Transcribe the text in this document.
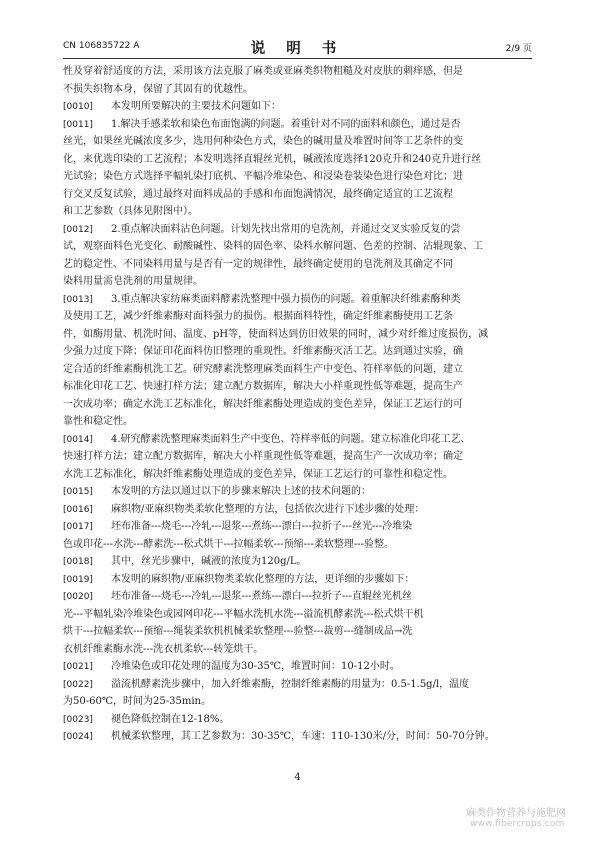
CN 106835722 A	说 明 书	2/9 页
性及穿着舒适度的方法，采用该方法克服了麻类或亚麻类织物粗糙及对皮肤的刺痒感，但是
不损失织物本身，保留了其固有的优越性。
[0010] 本发明所要解决的主要技术问题如下：
[0011] 1.解决手感柔软和染色布面饱满的问题。着重针对不同的面料和颜色，通过是否
丝光，如果丝光碱浓度多少，选用何种染色方式，染色的碱用量及堆置时间等工艺条件的变
化，来优选印染的工艺流程；本发明选择直辊丝光机，碱液浓度选择120克升和240克升进行丝
光试验；染色方式选择平幅轧染打底机、平幅冷堆染色、和浸染卷装染色进行染色对比；进
行交叉反复试验，通过最终对面料成品的手感和布面饱满情况，最终确定适宜的工艺流程
和工艺参数（具体见附图中）。
[0012] 2.重点解决面料沾色问题。计划先找出常用的皂洗剂，并通过交叉实验反复的尝
试，观察面料色光变化、耐酸碱性、染料的固色率、染料水解问题、色差的控制、沾辊现象、工
艺的稳定性、不同染料用量与是否有一定的规律性，最终确定使用的皂洗剂及其确定不同
染料用量需皂洗剂的用量规律。
[0013] 3.重点解决家纺麻类面料酵素洗整理中强力损伤的问题。着重解决纤维素酶种类
及使用工艺，减少纤维素酶对面料强力的损伤。根据面料特性，确定纤维素酶使用工艺条
件，如酶用量、机洗时间、温度、pH等，使面料达到仿旧效果的同时，减少对纤维过度损伤，减
少强力过度下降；保证印花面料仿旧整理的重现性。纤维素酶灭活工艺。达到通过实验，确
定合适的纤维素酶机洗工艺。研究酵素洗整理麻类面料生产中变色、符样率低的问题，建立
标准化印花工艺、快速打样方法；建立配方数据库，解决大小样重现性低等难题，提高生产
一次成功率；确定水洗工艺标准化，解决纤维素酶处理造成的变色差异，保证工艺运行的可
靠性和稳定性。
[0014] 4.研究酵素洗整理麻类面料生产中变色、符样率低的问题。建立标准化印花工艺、
快速打样方法；建立配方数据库，解决大小样重现性低等难题，提高生产一次成功率；确定
水洗工艺标准化，解决纤维素酶处理造成的变色差异，保证工艺运行的可靠性和稳定性。
[0015] 本发明的方法以通过以下的步骤来解决上述的技术问题的：
[0016] 麻织物/亚麻织物类柔软化整理的方法，包括依次进行下述步骤的处理：
[0017] 坯布准备---烧毛---冷轧---退浆---煮练---漂白---拉折子---丝光---冷堆染
色或印花---水洗---酵素洗---松式烘干---拉幅柔软---预缩---柔软整理---验整。
[0018] 其中，丝光步骤中，碱液的浓度为120g/L。
[0019] 本发明的麻织物/亚麻织物类柔软化整理的方法，更详细的步骤如下：
[0020] 坯布准备---烧毛---冷轧---退浆---煮练---漂白---拉折子---直辊丝光机丝
光---平幅轧染冷堆染色或园网印花---平幅水洗机水洗---溢流机酵素洗---松式烘干机
烘干---拉幅柔软---预缩---绳装柔软机机械柔软整理---验整---裁剪---缝制成品→洗
衣机纤维素酶水洗---洗衣机柔软---转笼烘干。
[0021] 冷堆染色或印花处理的温度为30-35℃，堆置时间：10-12小时。
[0022] 溢流机酵素洗步骤中，加入纤维素酶，控制纤维素酶的用量为：0.5-1.5g/l，温度
为50-60℃，时间为25-35min。
[0023] 褪色降低控制在12-18%。
[0024] 机械柔软整理，其工艺参数为：30-35℃，车速：110-130米/分，时间：50-70分钟。
4
麻类作物营养与施肥网
www.fibercrops.com
